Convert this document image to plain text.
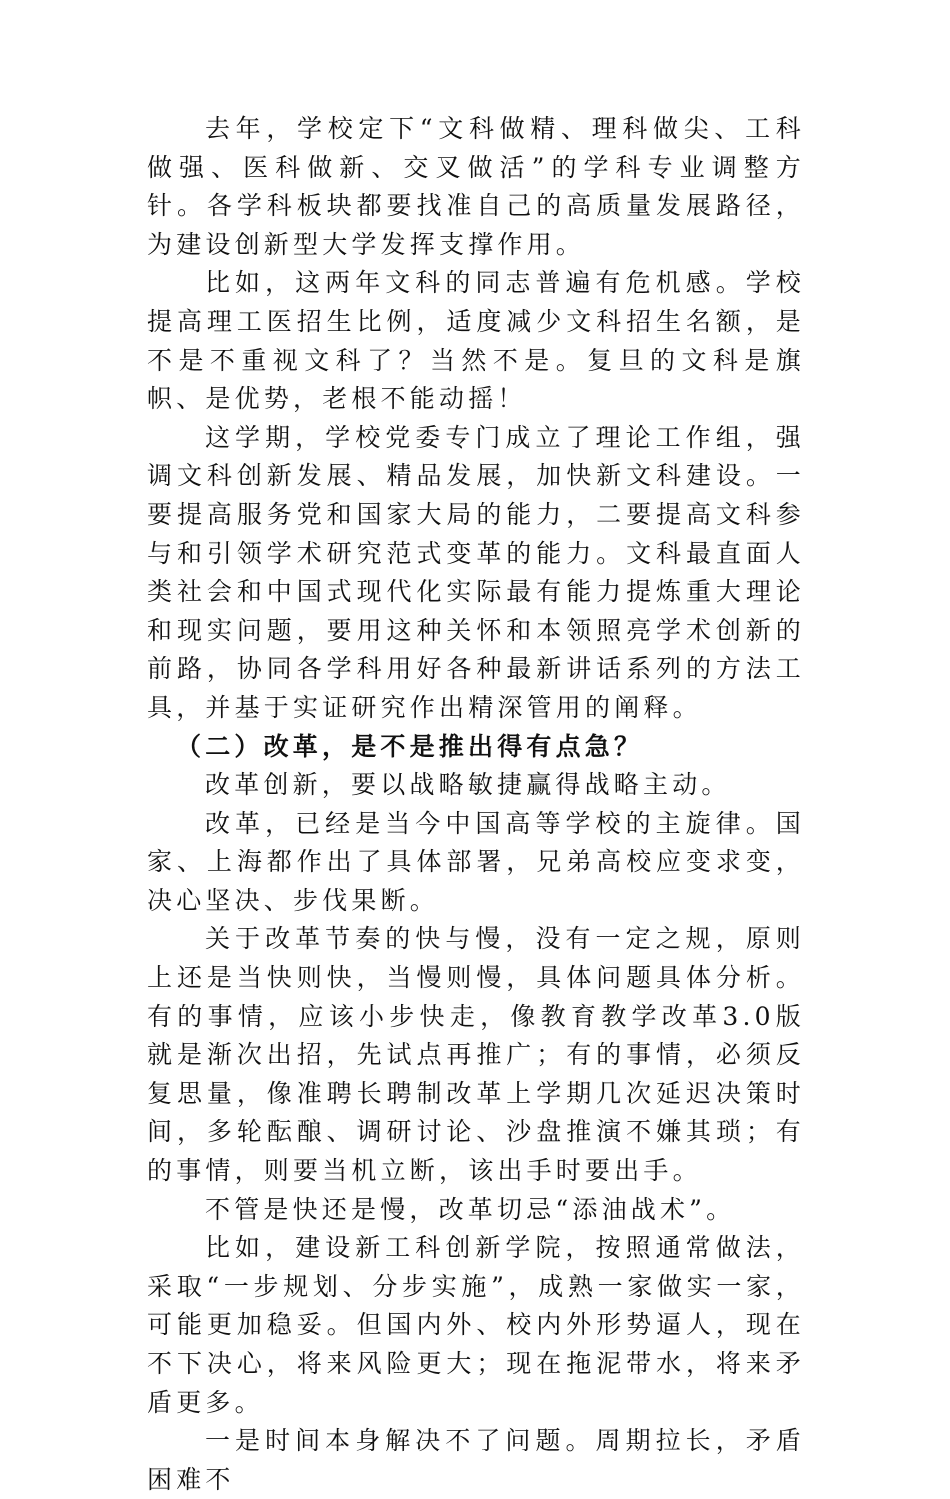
去年，学校定下“文科做精、理科做尖、工科做强、医科做新、交叉做活”的学科专业调整方针。各学科板块都要找准自己的高质量发展路径，为建设创新型大学发挥支撑作用。

比如，这两年文科的同志普遍有危机感。学校提高理工医招生比例，适度减少文科招生名额，是不是不重视文科了？当然不是。复旦的文科是旗帜、是优势，老根不能动摇！

这学期，学校党委专门成立了理论工作组，强调文科创新发展、精品发展，加快新文科建设。一要提高服务党和国家大局的能力，二要提高文科参与和引领学术研究范式变革的能力。文科最直面人类社会和中国式现代化实际最有能力提炼重大理论和现实问题，要用这种关怀和本领照亮学术创新的前路，协同各学科用好各种最新讲话系列的方法工具，并基于实证研究作出精深管用的阐释。

（二）改革，是不是推出得有点急？

改革创新，要以战略敏捷赢得战略主动。

改革，已经是当今中国高等学校的主旋律。国家、上海都作出了具体部署，兄弟高校应变求变，决心坚决、步伐果断。

关于改革节奏的快与慢，没有一定之规，原则上还是当快则快，当慢则慢，具体问题具体分析。有的事情，应该小步快走，像教育教学改革3.0版就是渐次出招，先试点再推广；有的事情，必须反复思量，像准聘长聘制改革上学期几次延迟决策时间，多轮酝酿、调研讨论、沙盘推演不嫌其琐；有的事情，则要当机立断，该出手时要出手。

不管是快还是慢，改革切忌“添油战术”。

比如，建设新工科创新学院，按照通常做法，采取“一步规划、分步实施”，成熟一家做实一家，可能更加稳妥。但国内外、校内外形势逼人，现在不下决心，将来风险更大；现在拖泥带水，将来矛盾更多。

一是时间本身解决不了问题。周期拉长，矛盾困难不
